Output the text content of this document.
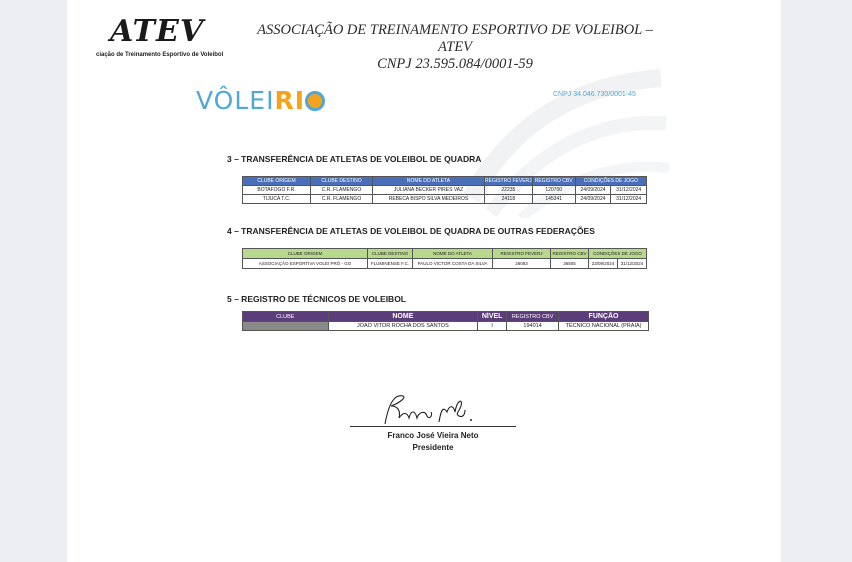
ATEV
ciação de Treinamento Esportivo de Voleibol
ASSOCIAÇÃO DE TREINAMENTO ESPORTIVO DE VOLEIBOL – ATEV
CNPJ 23.595.084/0001-59
VÔLEIRI	CNPJ 34.046.730/0001-45
3 – TRANSFERÊNCIA DE ATLETAS DE VOLEIBOL DE QUADRA
CLUBE ORIGEM	CLUBE DESTINO	NOME DO ATLETA	REGISTRO FEVERJ	REGISTRO CBV	CONDIÇÕES DE JOGO	
BOTAFOGO F.R.	C.R. FLAMENGO	JULIANA BECKER PIRES VAZ	22235	120700	24/09/2024	31/12/2024
TIJUCA T.C.	C.R. FLAMENGO	REBECA BISPO SILVA MEDEIROS	24118	145341	24/09/2024	31/12/2024
4 – TRANSFERÊNCIA DE ATLETAS DE VOLEIBOL DE QUADRA DE OUTRAS FEDERAÇÕES
CLUBE ORIGEM	CLUBE DESTINO	NOME DO ATLETA	REGISTRO FEVERJ	REGISTRO CBV	CONDIÇÕES DE JOGO	
ASSOCIAÇÃO ESPORTIVA VOLEI PRÓ - GO	FLUMINENSE F.C.	PAULO VICTOR COSTA DA SILVA	26083	36505	23/09/2024	31/12/2024
5 – REGISTRO DE TÉCNICOS DE VOLEIBOL
CLUBE	NOME	NÍVEL	REGISTRO CBV	FUNÇÃO
	JOAO VITOR ROCHA DOS SANTOS	I	194014	TÉCNICO NACIONAL (PRAIA)
Franco José Vieira Neto
Presidente
